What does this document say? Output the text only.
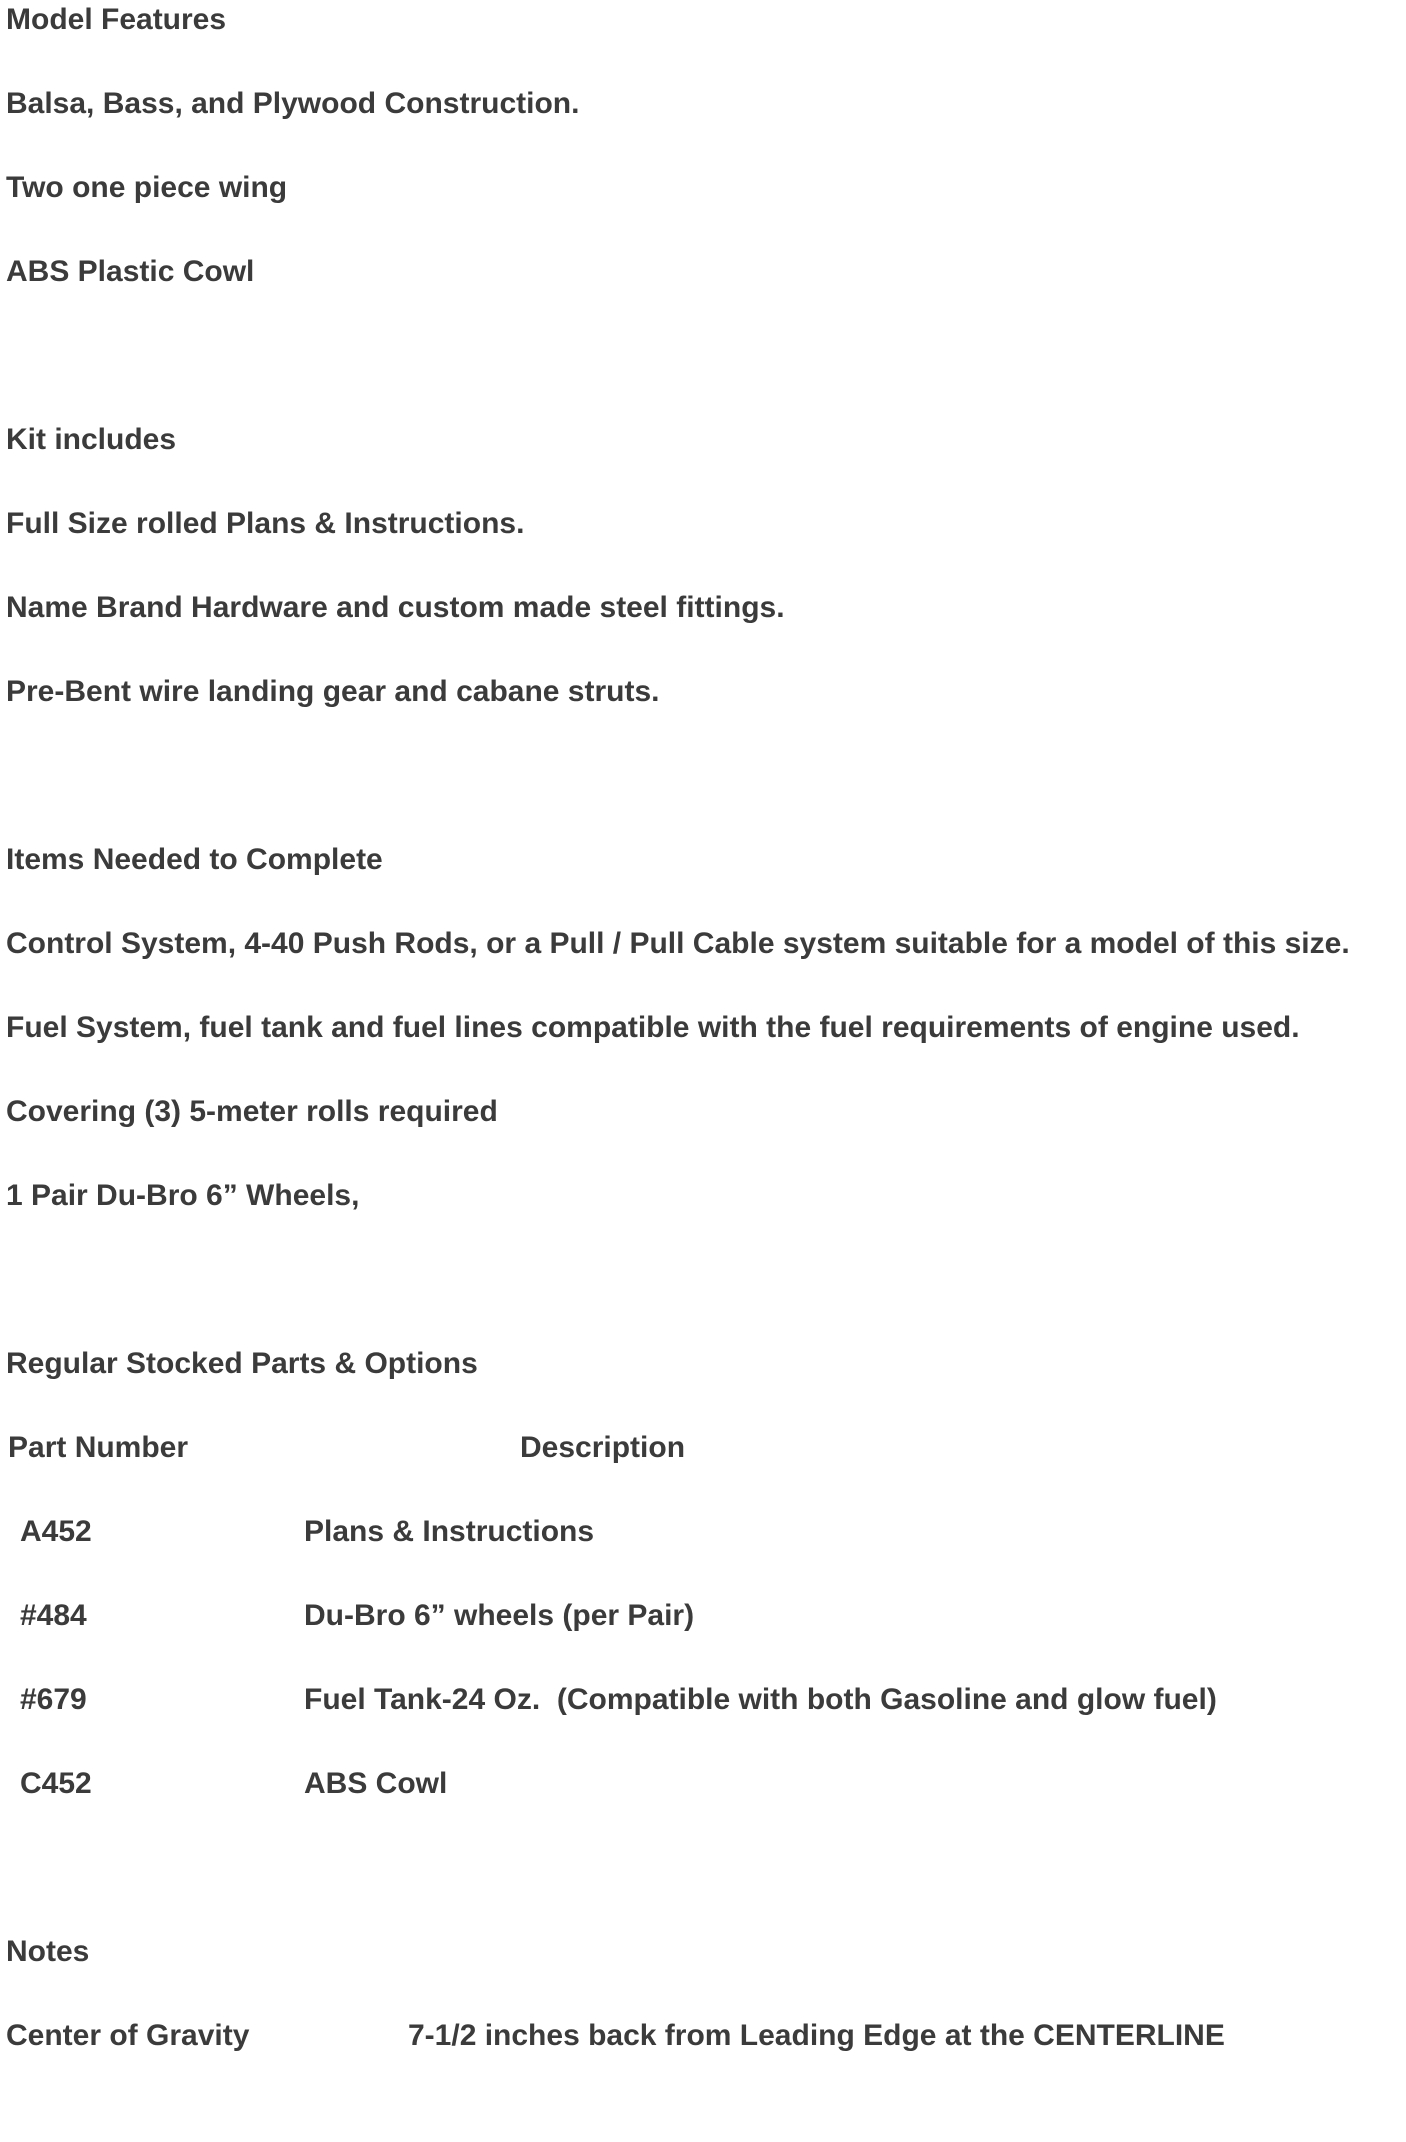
Model Features
Balsa, Bass, and Plywood Construction.
Two one piece wing
ABS Plastic Cowl
Kit includes
Full Size rolled Plans & Instructions.
Name Brand Hardware and custom made steel fittings.
Pre-Bent wire landing gear and cabane struts.
Items Needed to Complete
Control System, 4-40 Push Rods, or a Pull / Pull Cable system suitable for a model of this size.
Fuel System, fuel tank and fuel lines compatible with the fuel requirements of engine used.
Covering (3) 5-meter rolls required
1 Pair Du-Bro 6” Wheels,
Regular Stocked Parts & Options
Part Number	Description
A452	Plans & Instructions
#484	Du-Bro 6” wheels (per Pair)
#679	Fuel Tank-24 Oz.  (Compatible with both Gasoline and glow fuel)
C452	ABS Cowl
Notes
Center of Gravity	7-1/2 inches back from Leading Edge at the CENTERLINE
